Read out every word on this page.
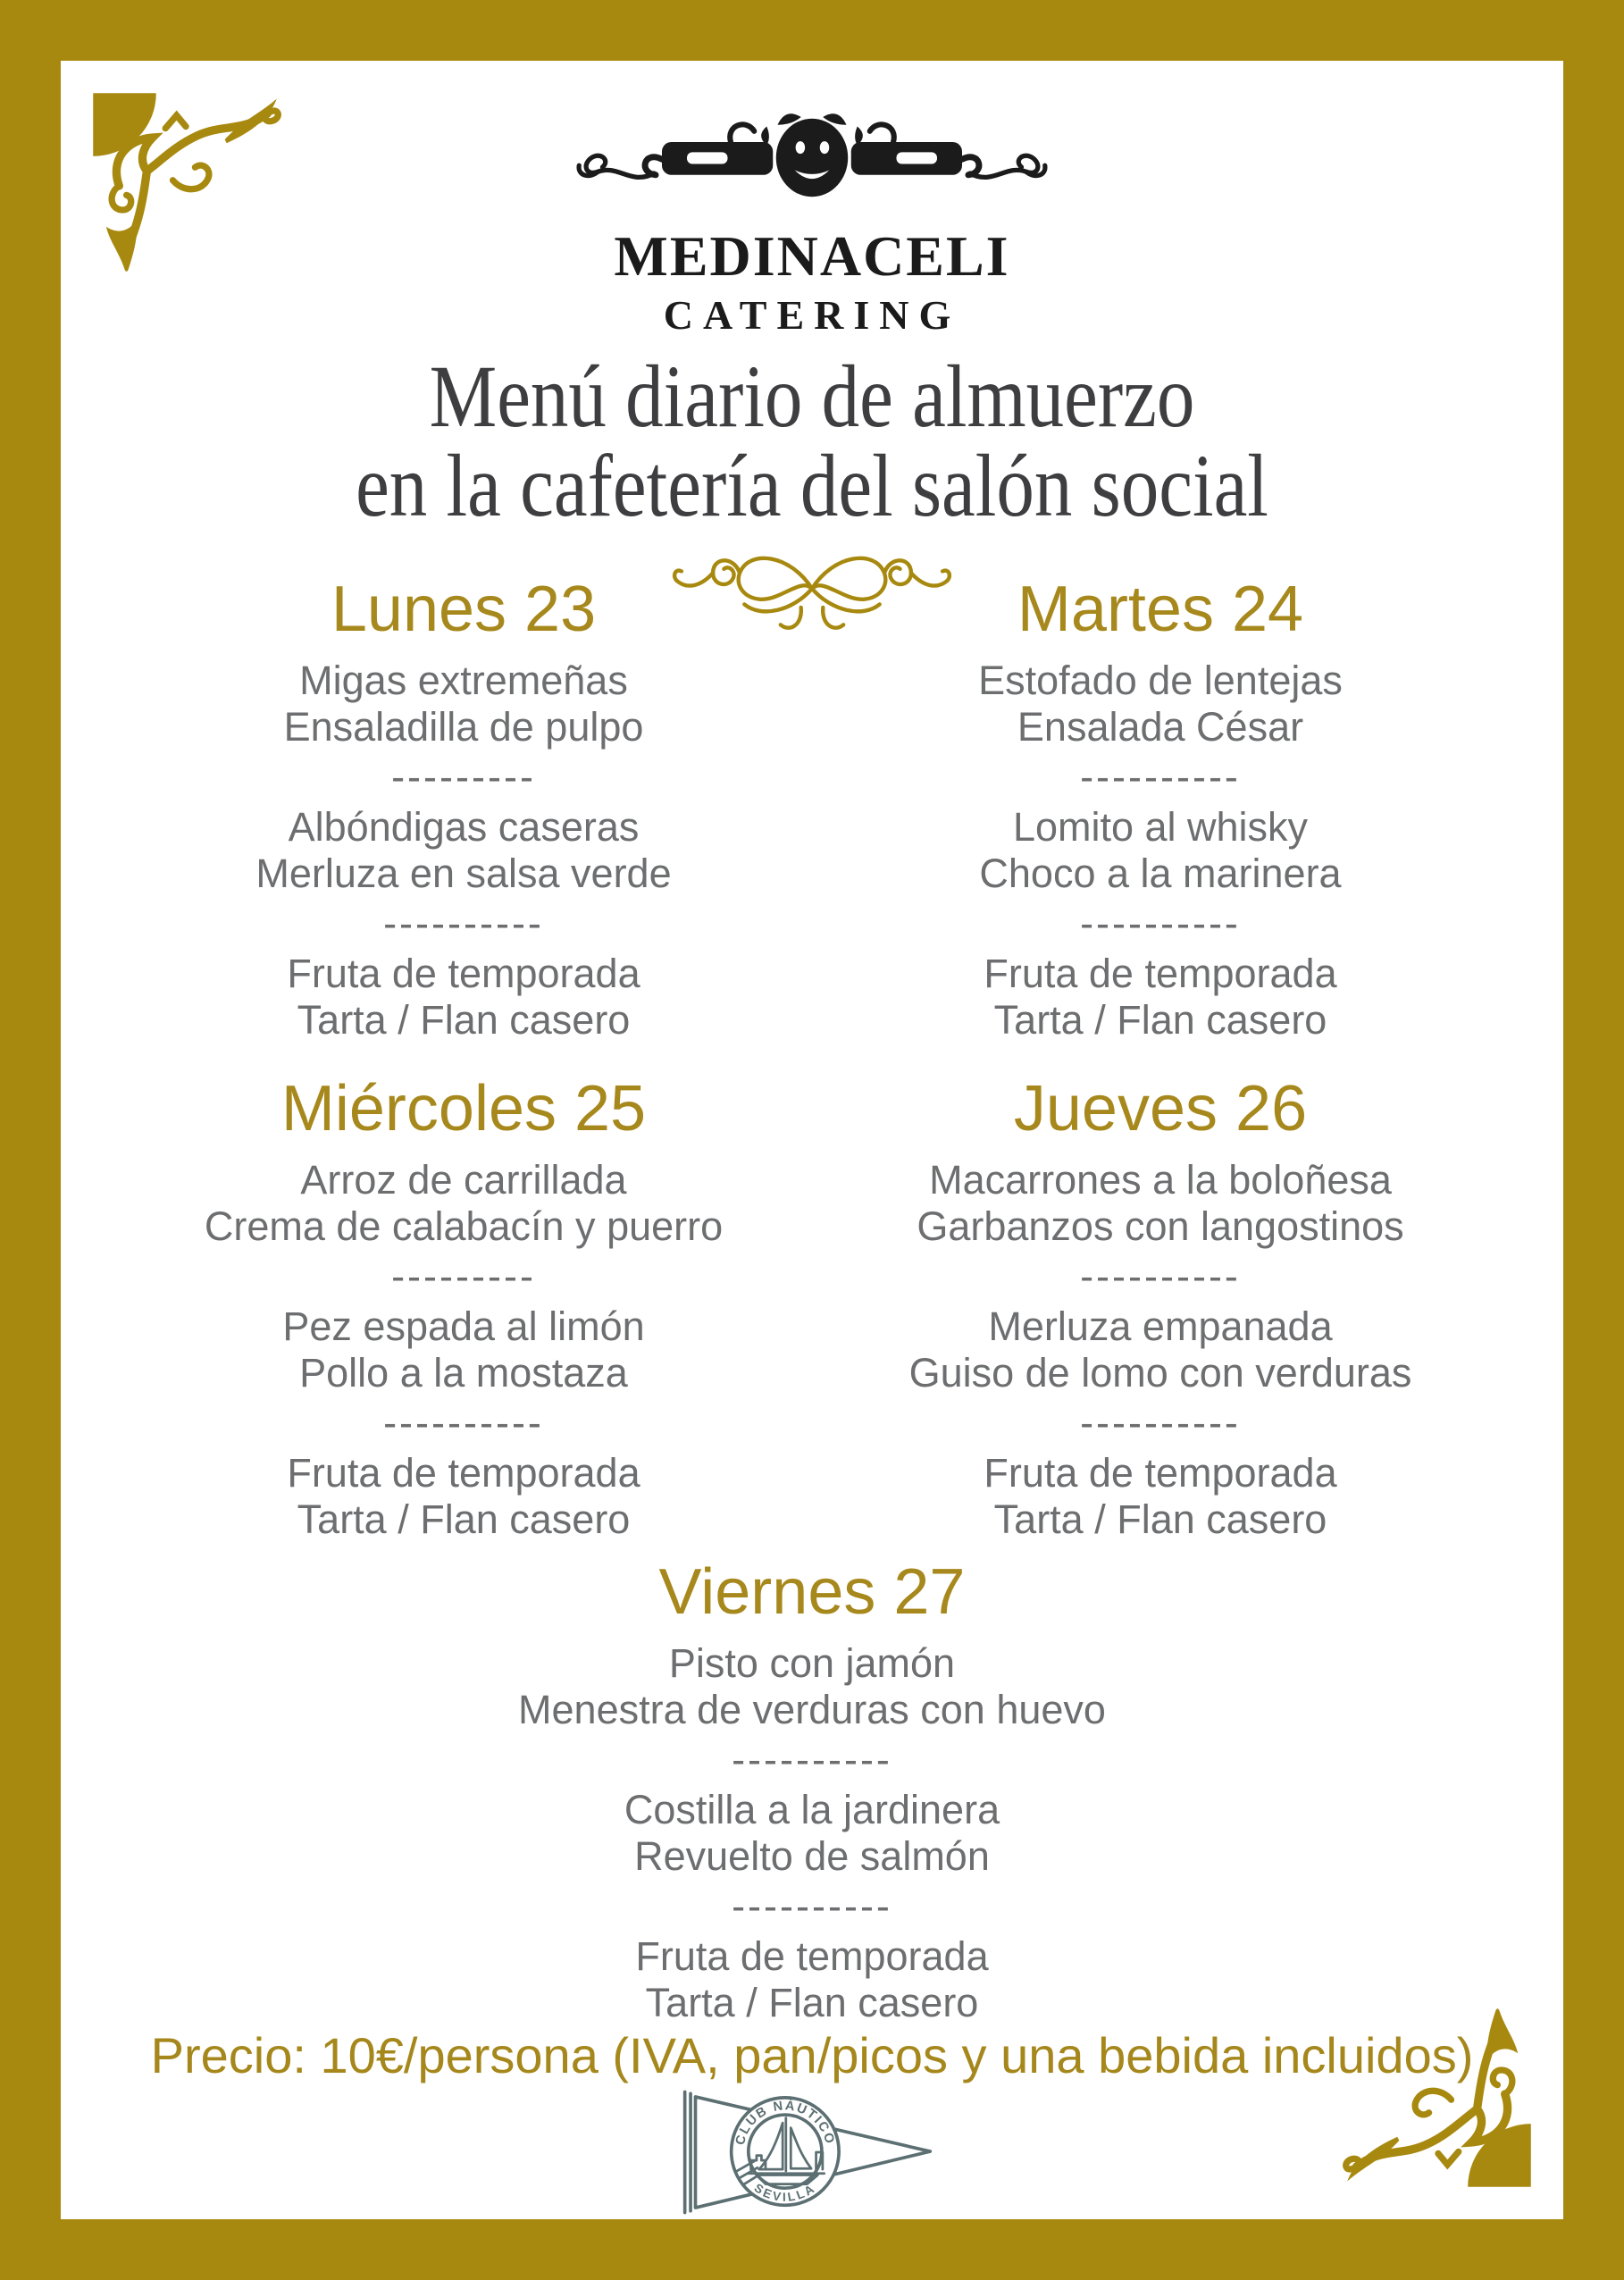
MEDINACELI
CATERING
Menú diario de almuerzo
en la cafetería del salón social
Lunes 23
Migas extremeñas
Ensaladilla de pulpo
---------
Albóndigas caseras
Merluza en salsa verde
----------
Fruta de temporada
Tarta / Flan casero
Martes 24
Estofado de lentejas
Ensalada César
----------
Lomito al whisky
Choco a la marinera
----------
Fruta de temporada
Tarta / Flan casero
Miércoles 25
Arroz de carrillada
Crema de calabacín y puerro
---------
Pez espada al limón
Pollo a la mostaza
----------
Fruta de temporada
Tarta / Flan casero
Jueves 26
Macarrones a la boloñesa
Garbanzos con langostinos
----------
Merluza empanada
Guiso de lomo con verduras
----------
Fruta de temporada
Tarta / Flan casero
Viernes 27
Pisto con jamón
Menestra de verduras con huevo
----------
Costilla a la jardinera
Revuelto de salmón
----------
Fruta de temporada
Tarta / Flan casero
Precio: 10€/persona (IVA, pan/picos y una bebida incluidos)
CLUB NÁUTICO
SEVILLA
